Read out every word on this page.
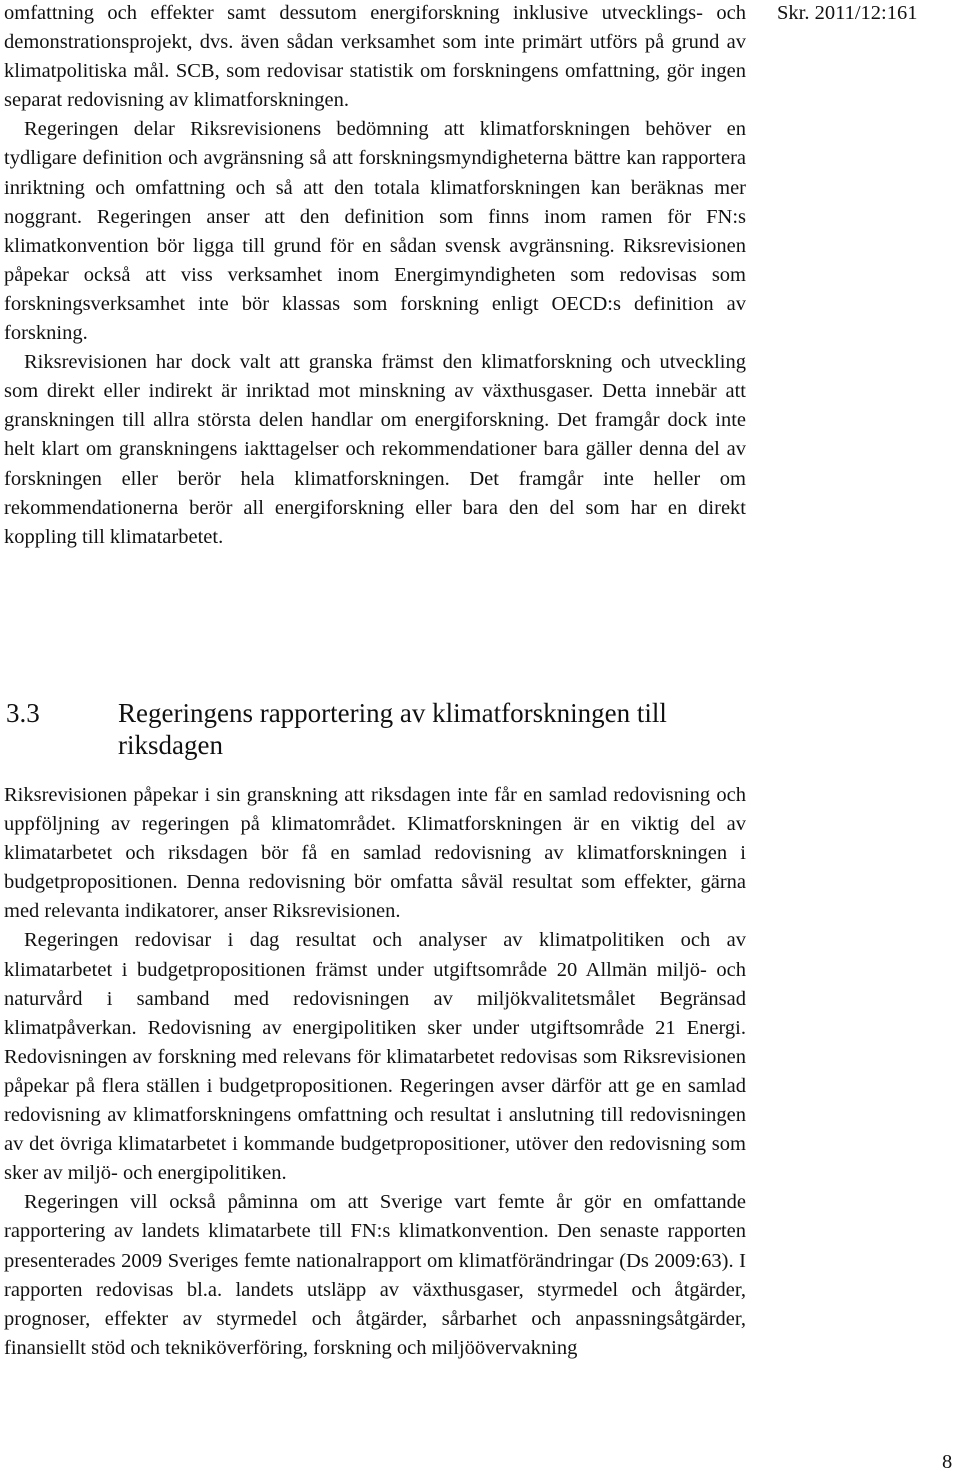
omfattning och effekter samt dessutom energiforskning inklusive utvecklings- och demonstrationsprojekt, dvs. även sådan verksamhet som inte primärt utförs på grund av klimatpolitiska mål. SCB, som redovisar statistik om forskningens omfattning, gör ingen separat redovisning av klimatforskningen.

Regeringen delar Riksrevisionens bedömning att klimatforskningen behöver en tydligare definition och avgränsning så att forskningsmyndigheterna bättre kan rapportera inriktning och omfattning och så att den totala klimatforskningen kan beräknas mer noggrant. Regeringen anser att den definition som finns inom ramen för FN:s klimatkonvention bör ligga till grund för en sådan svensk avgränsning. Riksrevisionen påpekar också att viss verksamhet inom Energimyndigheten som redovisas som forskningsverksamhet inte bör klassas som forskning enligt OECD:s definition av forskning.

Riksrevisionen har dock valt att granska främst den klimatforskning och utveckling som direkt eller indirekt är inriktad mot minskning av växthusgaser. Detta innebär att granskningen till allra största delen handlar om energiforskning. Det framgår dock inte helt klart om granskningens iakttagelser och rekommendationer bara gäller denna del av forskningen eller berör hela klimatforskningen. Det framgår inte heller om rekommendationerna berör all energiforskning eller bara den del som har en direkt koppling till klimatarbetet.

Skr. 2011/12:161
3.3	Regeringens rapportering av klimatforskningen till riksdagen

Riksrevisionen påpekar i sin granskning att riksdagen inte får en samlad redovisning och uppföljning av regeringen på klimatområdet. Klimatforskningen är en viktig del av klimatarbetet och riksdagen bör få en samlad redovisning av klimatforskningen i budgetpropositionen. Denna redovisning bör omfatta såväl resultat som effekter, gärna med relevanta indikatorer, anser Riksrevisionen.

Regeringen redovisar i dag resultat och analyser av klimatpolitiken och av klimatarbetet i budgetpropositionen främst under utgiftsområde 20 Allmän miljö- och naturvård i samband med redovisningen av miljökvalitetsmålet Begränsad klimatpåverkan. Redovisning av energipolitiken sker under utgiftsområde 21 Energi. Redovisningen av forskning med relevans för klimatarbetet redovisas som Riksrevisionen påpekar på flera ställen i budgetpropositionen. Regeringen avser därför att ge en samlad redovisning av klimatforskningens omfattning och resultat i anslutning till redovisningen av det övriga klimatarbetet i kommande budgetpropositioner, utöver den redovisning som sker av miljö- och energipolitiken.

Regeringen vill också påminna om att Sverige vart femte år gör en omfattande rapportering av landets klimatarbete till FN:s klimatkonvention. Den senaste rapporten presenterades 2009 Sveriges femte nationalrapport om klimatförändringar (Ds 2009:63). I rapporten redovisas bl.a. landets utsläpp av växthusgaser, styrmedel och åtgärder, prognoser, effekter av styrmedel och åtgärder, sårbarhet och anpassningsåtgärder, finansiellt stöd och tekniköverföring, forskning och miljöövervakning

8
